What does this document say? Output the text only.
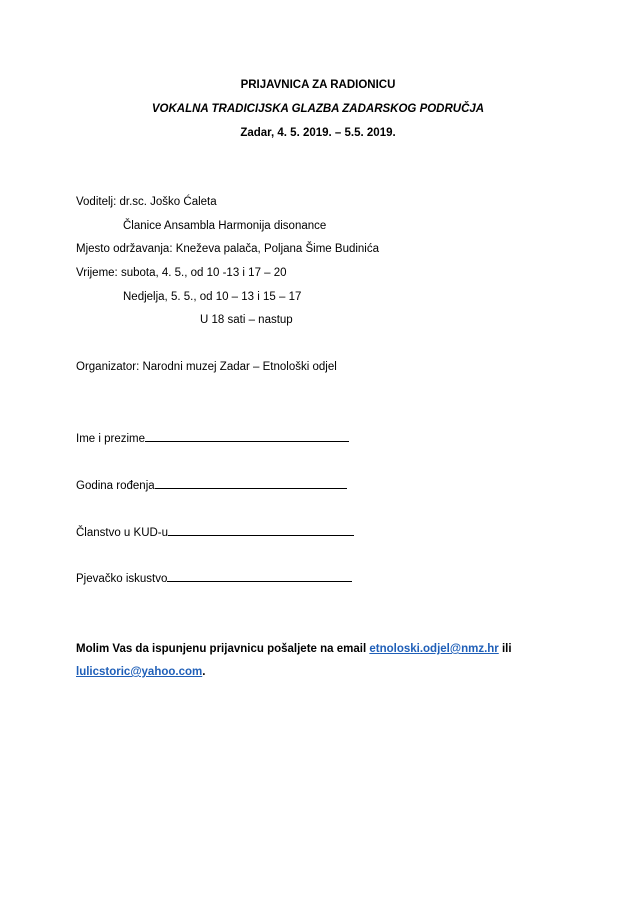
PRIJAVNICA ZA RADIONICU
VOKALNA TRADICIJSKA GLAZBA ZADARSKOG PODRUČJA
Zadar, 4. 5. 2019. – 5.5. 2019.
Voditelj: dr.sc. Joško Ćaleta
Članice Ansambla Harmonija disonance
Mjesto održavanja: Kneževa palača, Poljana Šime Budinića
Vrijeme: subota, 4. 5., od 10 -13 i 17 – 20
Nedjelja, 5. 5., od 10 – 13 i 15 – 17
U 18 sati – nastup
Organizator: Narodni muzej Zadar – Etnološki odjel
Ime i prezime
Godina rođenja
Članstvo u KUD-u
Pjevačko iskustvo
Molim Vas da ispunjenu prijavnicu pošaljete na email etnoloski.odjel@nmz.hr ili
lulicstoric@yahoo.com.
